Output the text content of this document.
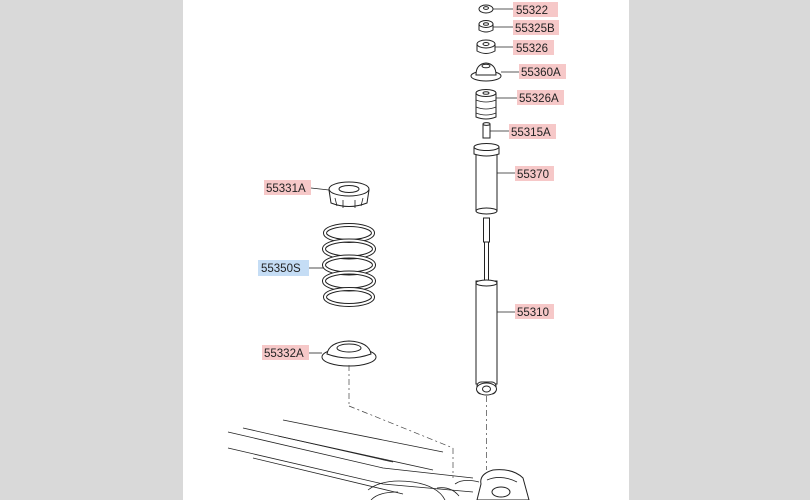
55322
55325B
55326
55360A
55326A
55315A
55370
55331A
55350S
55310
55332A
